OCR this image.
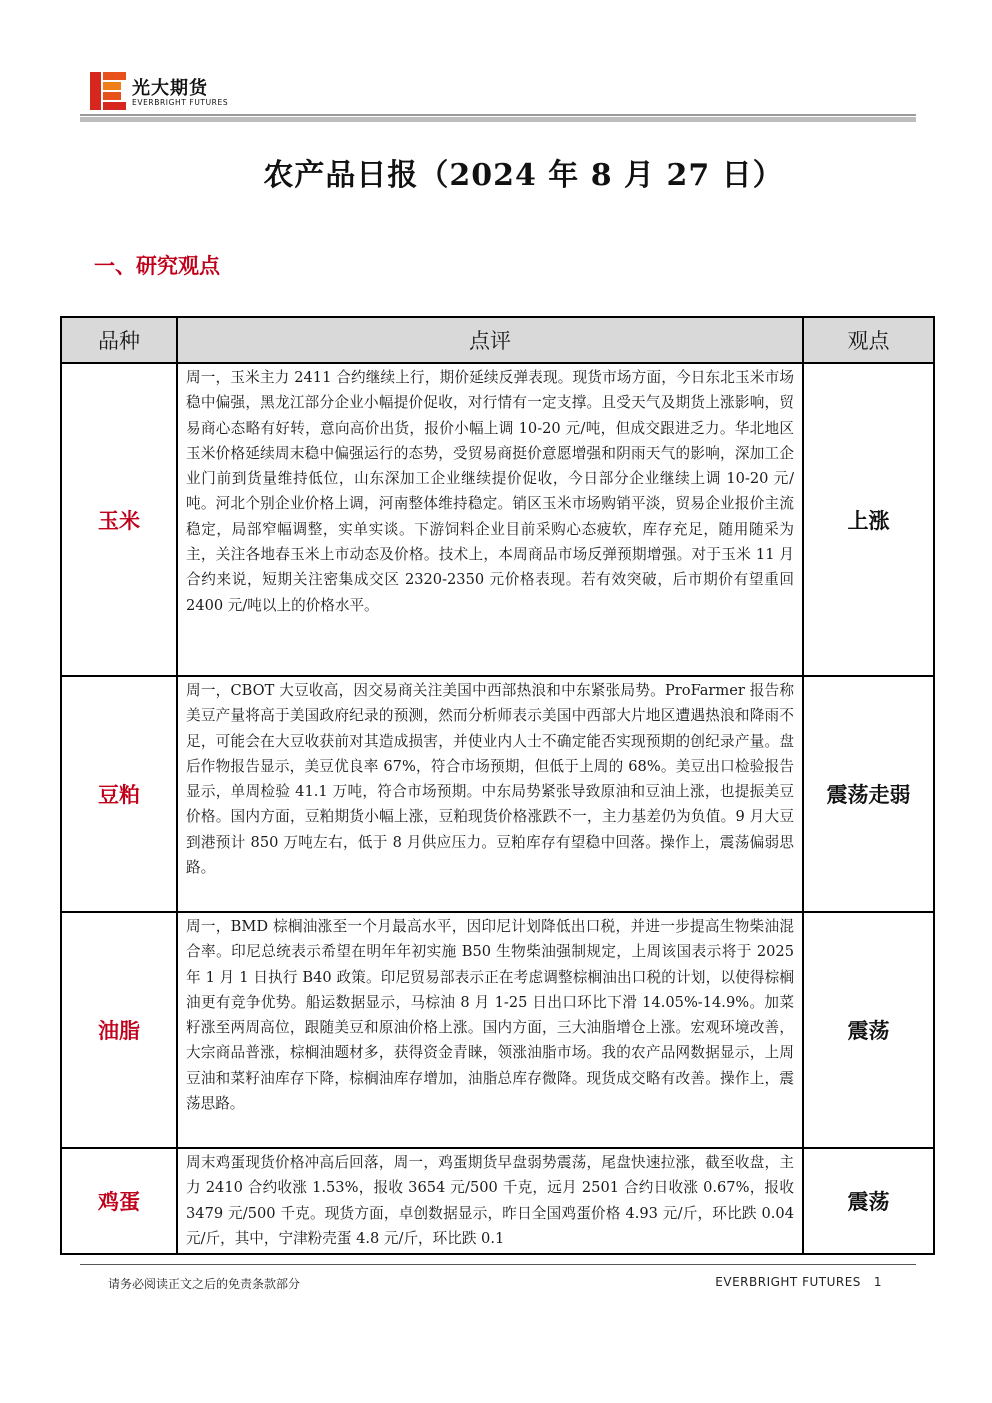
光大期货
EVERBRIGHT FUTURES
农产品日报（2024 年 8 月 27 日）
一、研究观点
品种	点评	观点
玉米	周一，玉米主力 2411 合约继续上行，期价延续反弹表现。现货市场方面，今日东北玉米市场稳中偏强，黑龙江部分企业小幅提价促收，对行情有一定支撑。且受天气及期货上涨影响，贸易商心态略有好转，意向高价出货，报价小幅上调 10-20 元/吨，但成交跟进乏力。华北地区玉米价格延续周末稳中偏强运行的态势，受贸易商挺价意愿增强和阴雨天气的影响，深加工企业门前到货量维持低位，山东深加工企业继续提价促收，今日部分企业继续上调 10-20 元/吨。河北个别企业价格上调，河南整体维持稳定。销区玉米市场购销平淡，贸易企业报价主流稳定，局部窄幅调整，实单实谈。下游饲料企业目前采购心态疲软，库存充足，随用随采为主，关注各地春玉米上市动态及价格。技术上，本周商品市场反弹预期增强。对于玉米 11 月合约来说，短期关注密集成交区 2320-2350 元价格表现。若有效突破，后市期价有望重回 2400 元/吨以上的价格水平。	上涨
豆粕	周一，CBOT 大豆收高，因交易商关注美国中西部热浪和中东紧张局势。ProFarmer 报告称美豆产量将高于美国政府纪录的预测，然而分析师表示美国中西部大片地区遭遇热浪和降雨不足，可能会在大豆收获前对其造成损害，并使业内人士不确定能否实现预期的创纪录产量。盘后作物报告显示，美豆优良率 67%，符合市场预期，但低于上周的 68%。美豆出口检验报告显示，单周检验 41.1 万吨，符合市场预期。中东局势紧张导致原油和豆油上涨，也提振美豆价格。国内方面，豆粕期货小幅上涨，豆粕现货价格涨跌不一，主力基差仍为负值。9 月大豆到港预计 850 万吨左右，低于 8 月供应压力。豆粕库存有望稳中回落。操作上，震荡偏弱思路。	震荡走弱
油脂	周一，BMD 棕榈油涨至一个月最高水平，因印尼计划降低出口税，并进一步提高生物柴油混合率。印尼总统表示希望在明年年初实施 B50 生物柴油强制规定，上周该国表示将于 2025 年 1 月 1 日执行 B40 政策。印尼贸易部表示正在考虑调整棕榈油出口税的计划，以使得棕榈油更有竞争优势。船运数据显示，马棕油 8 月 1-25 日出口环比下滑 14.05%-14.9%。加菜籽涨至两周高位，跟随美豆和原油价格上涨。国内方面，三大油脂增仓上涨。宏观环境改善，大宗商品普涨，棕榈油题材多，获得资金青睐，领涨油脂市场。我的农产品网数据显示，上周豆油和菜籽油库存下降，棕榈油库存增加，油脂总库存微降。现货成交略有改善。操作上，震荡思路。	震荡
鸡蛋	周末鸡蛋现货价格冲高后回落，周一，鸡蛋期货早盘弱势震荡，尾盘快速拉涨，截至收盘，主力 2410 合约收涨 1.53%，报收 3654 元/500 千克，远月 2501 合约日收涨 0.67%，报收 3479 元/500 千克。现货方面，卓创数据显示，昨日全国鸡蛋价格 4.93 元/斤，环比跌 0.04 元/斤，其中，宁津粉壳蛋 4.8 元/斤，环比跌 0.1	震荡
请务必阅读正文之后的免责条款部分	EVERBRIGHT FUTURES 1
